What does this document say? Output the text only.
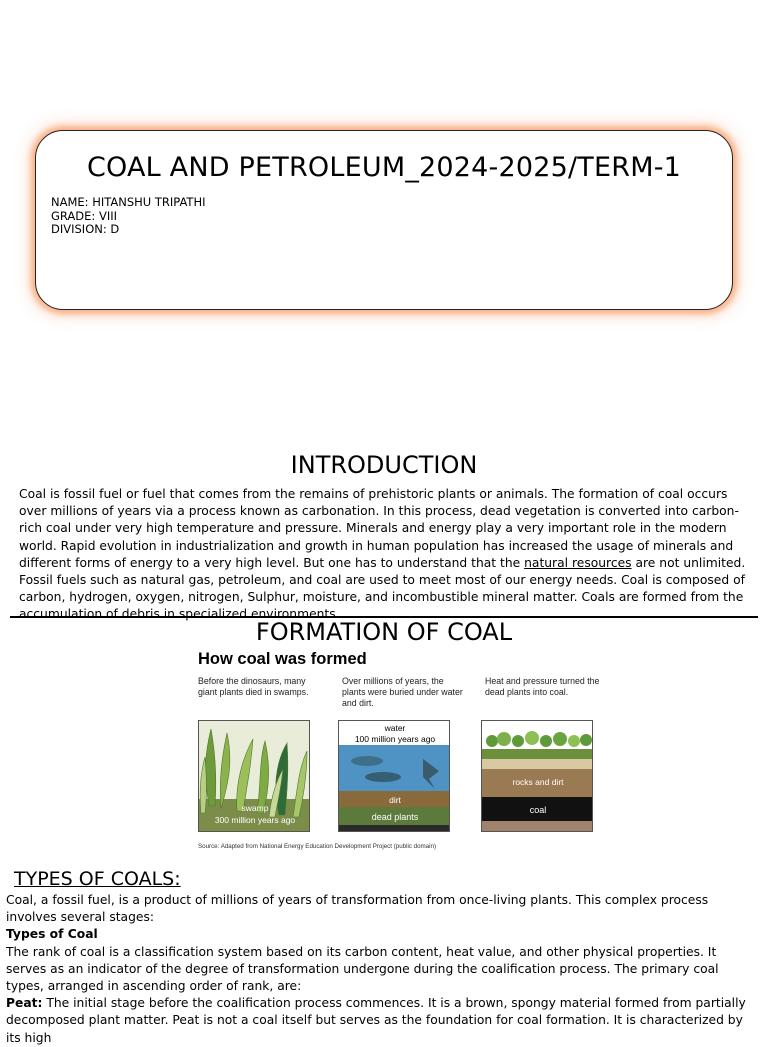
COAL AND PETROLEUM_2024-2025/TERM-1
NAME: HITANSHU TRIPATHI
GRADE: VIII
DIVISION: D
INTRODUCTION
Coal is fossil fuel or fuel that comes from the remains of prehistoric plants or animals. The formation of coal occurs over millions of years via a process known as carbonation. In this process, dead vegetation is converted into carbon-rich coal under very high temperature and pressure. Minerals and energy play a very important role in the modern world. Rapid evolution in industrialization and growth in human population has increased the usage of minerals and different forms of energy to a very high level. But one has to understand that the natural resources are not unlimited. Fossil fuels such as natural gas, petroleum, and coal are used to meet most of our energy needs. Coal is composed of carbon, hydrogen, oxygen, nitrogen, Sulphur, moisture, and incombustible mineral matter. Coals are formed from the accumulation of debris in specialized environments.
FORMATION OF COAL
How coal was formed
Before the dinosaurs, many giant plants died in swamps.
Over millions of years, the plants were buried under water and dirt.
Heat and pressure turned the dead plants into coal.
swamp
300 million years ago
water
100 million years ago
dirt
dead plants
rocks and dirt
coal
Source: Adapted from National Energy Education Development Project (public domain)
TYPES OF COALS:

Coal, a fossil fuel, is a product of millions of years of transformation from once-living plants. This complex process involves several stages:

Types of Coal

The rank of coal is a classification system based on its carbon content, heat value, and other physical properties. It serves as an indicator of the degree of transformation undergone during the coalification process. The primary coal types, arranged in ascending order of rank, are:

Peat: The initial stage before the coalification process commences. It is a brown, spongy material formed from partially decomposed plant matter. Peat is not a coal itself but serves as the foundation for coal formation. It is characterized by its high
